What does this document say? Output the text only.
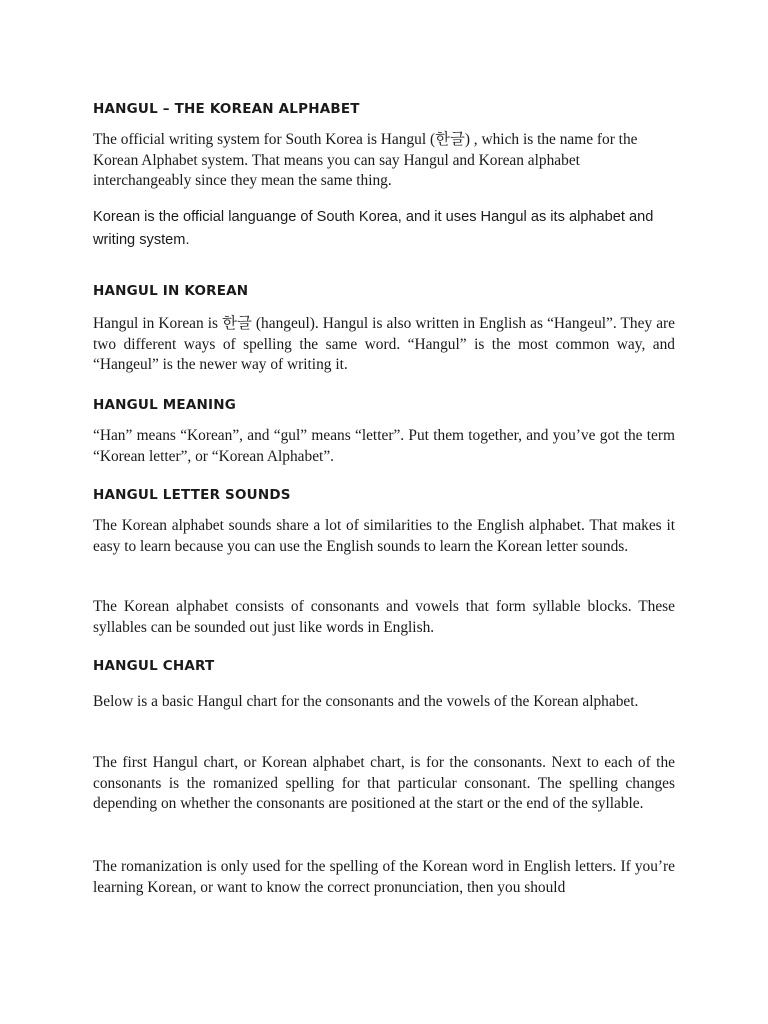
HANGUL – THE KOREAN ALPHABET

The official writing system for South Korea is Hangul (한글) , which is the name for the Korean Alphabet system. That means you can say Hangul and Korean alphabet interchangeably since they mean the same thing.

Korean is the official languange of South Korea, and it uses Hangul as its alphabet and writing system.

HANGUL IN KOREAN

Hangul in Korean is 한글 (hangeul). Hangul is also written in English as “Hangeul”. They are two different ways of spelling the same word. “Hangul” is the most common way, and “Hangeul” is the newer way of writing it.

HANGUL MEANING

“Han” means “Korean”, and “gul” means “letter”. Put them together, and you’ve got the term “Korean letter”, or “Korean Alphabet”.

HANGUL LETTER SOUNDS

The Korean alphabet sounds share a lot of similarities to the English alphabet. That makes it easy to learn because you can use the English sounds to learn the Korean letter sounds.

The Korean alphabet consists of consonants and vowels that form syllable blocks. These syllables can be sounded out just like words in English.

HANGUL CHART

Below is a basic Hangul chart for the consonants and the vowels of the Korean alphabet.

The first Hangul chart, or Korean alphabet chart, is for the consonants. Next to each of the consonants is the romanized spelling for that particular consonant. The spelling changes depending on whether the consonants are positioned at the start or the end of the syllable.

The romanization is only used for the spelling of the Korean word in English letters. If you’re learning Korean, or want to know the correct pronunciation, then you should
